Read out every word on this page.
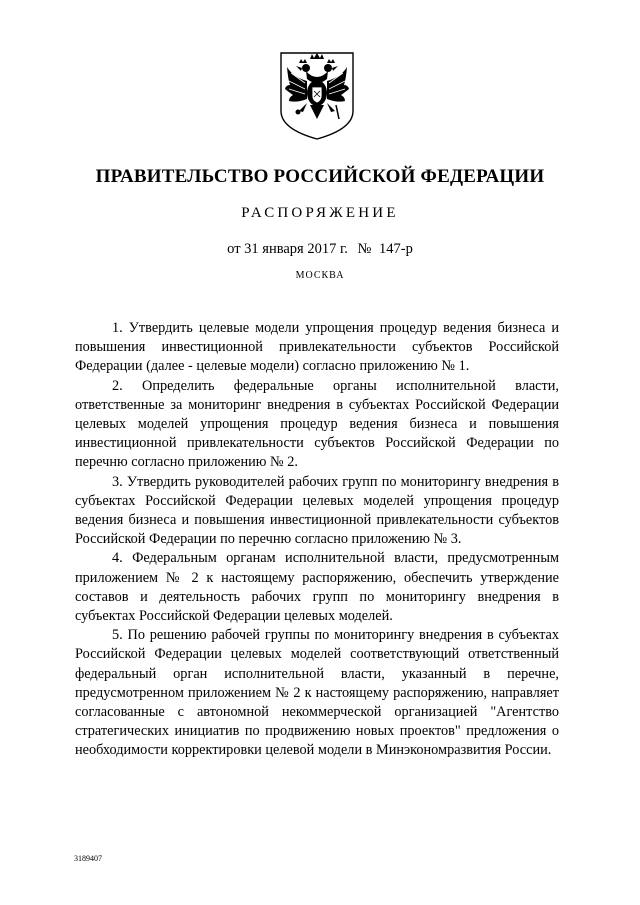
ПРАВИТЕЛЬСТВО РОССИЙСКОЙ ФЕДЕРАЦИИ
РАСПОРЯЖЕНИЕ
от 31 января 2017 г. № 147-р
МОСКВА

1. Утвердить целевые модели упрощения процедур ведения бизнеса и повышения инвестиционной привлекательности субъектов Российской Федерации (далее - целевые модели) согласно приложению № 1.

2. Определить федеральные органы исполнительной власти, ответственные за мониторинг внедрения в субъектах Российской Федерации целевых моделей упрощения процедур ведения бизнеса и повышения инвестиционной привлекательности субъектов Российской Федерации по перечню согласно приложению № 2.

3. Утвердить руководителей рабочих групп по мониторингу внедрения в субъектах Российской Федерации целевых моделей упрощения процедур ведения бизнеса и повышения инвестиционной привлекательности субъектов Российской Федерации по перечню согласно приложению № 3.

4. Федеральным органам исполнительной власти, предусмотренным приложением № 2 к настоящему распоряжению, обеспечить утверждение составов и деятельность рабочих групп по мониторингу внедрения в субъектах Российской Федерации целевых моделей.

5. По решению рабочей группы по мониторингу внедрения в субъектах Российской Федерации целевых моделей соответствующий ответственный федеральный орган исполнительной власти, указанный в перечне, предусмотренном приложением № 2 к настоящему распоряжению, направляет согласованные с автономной некоммерческой организацией "Агентство стратегических инициатив по продвижению новых проектов" предложения о необходимости корректировки целевой модели в Минэкономразвития России.

3189407
